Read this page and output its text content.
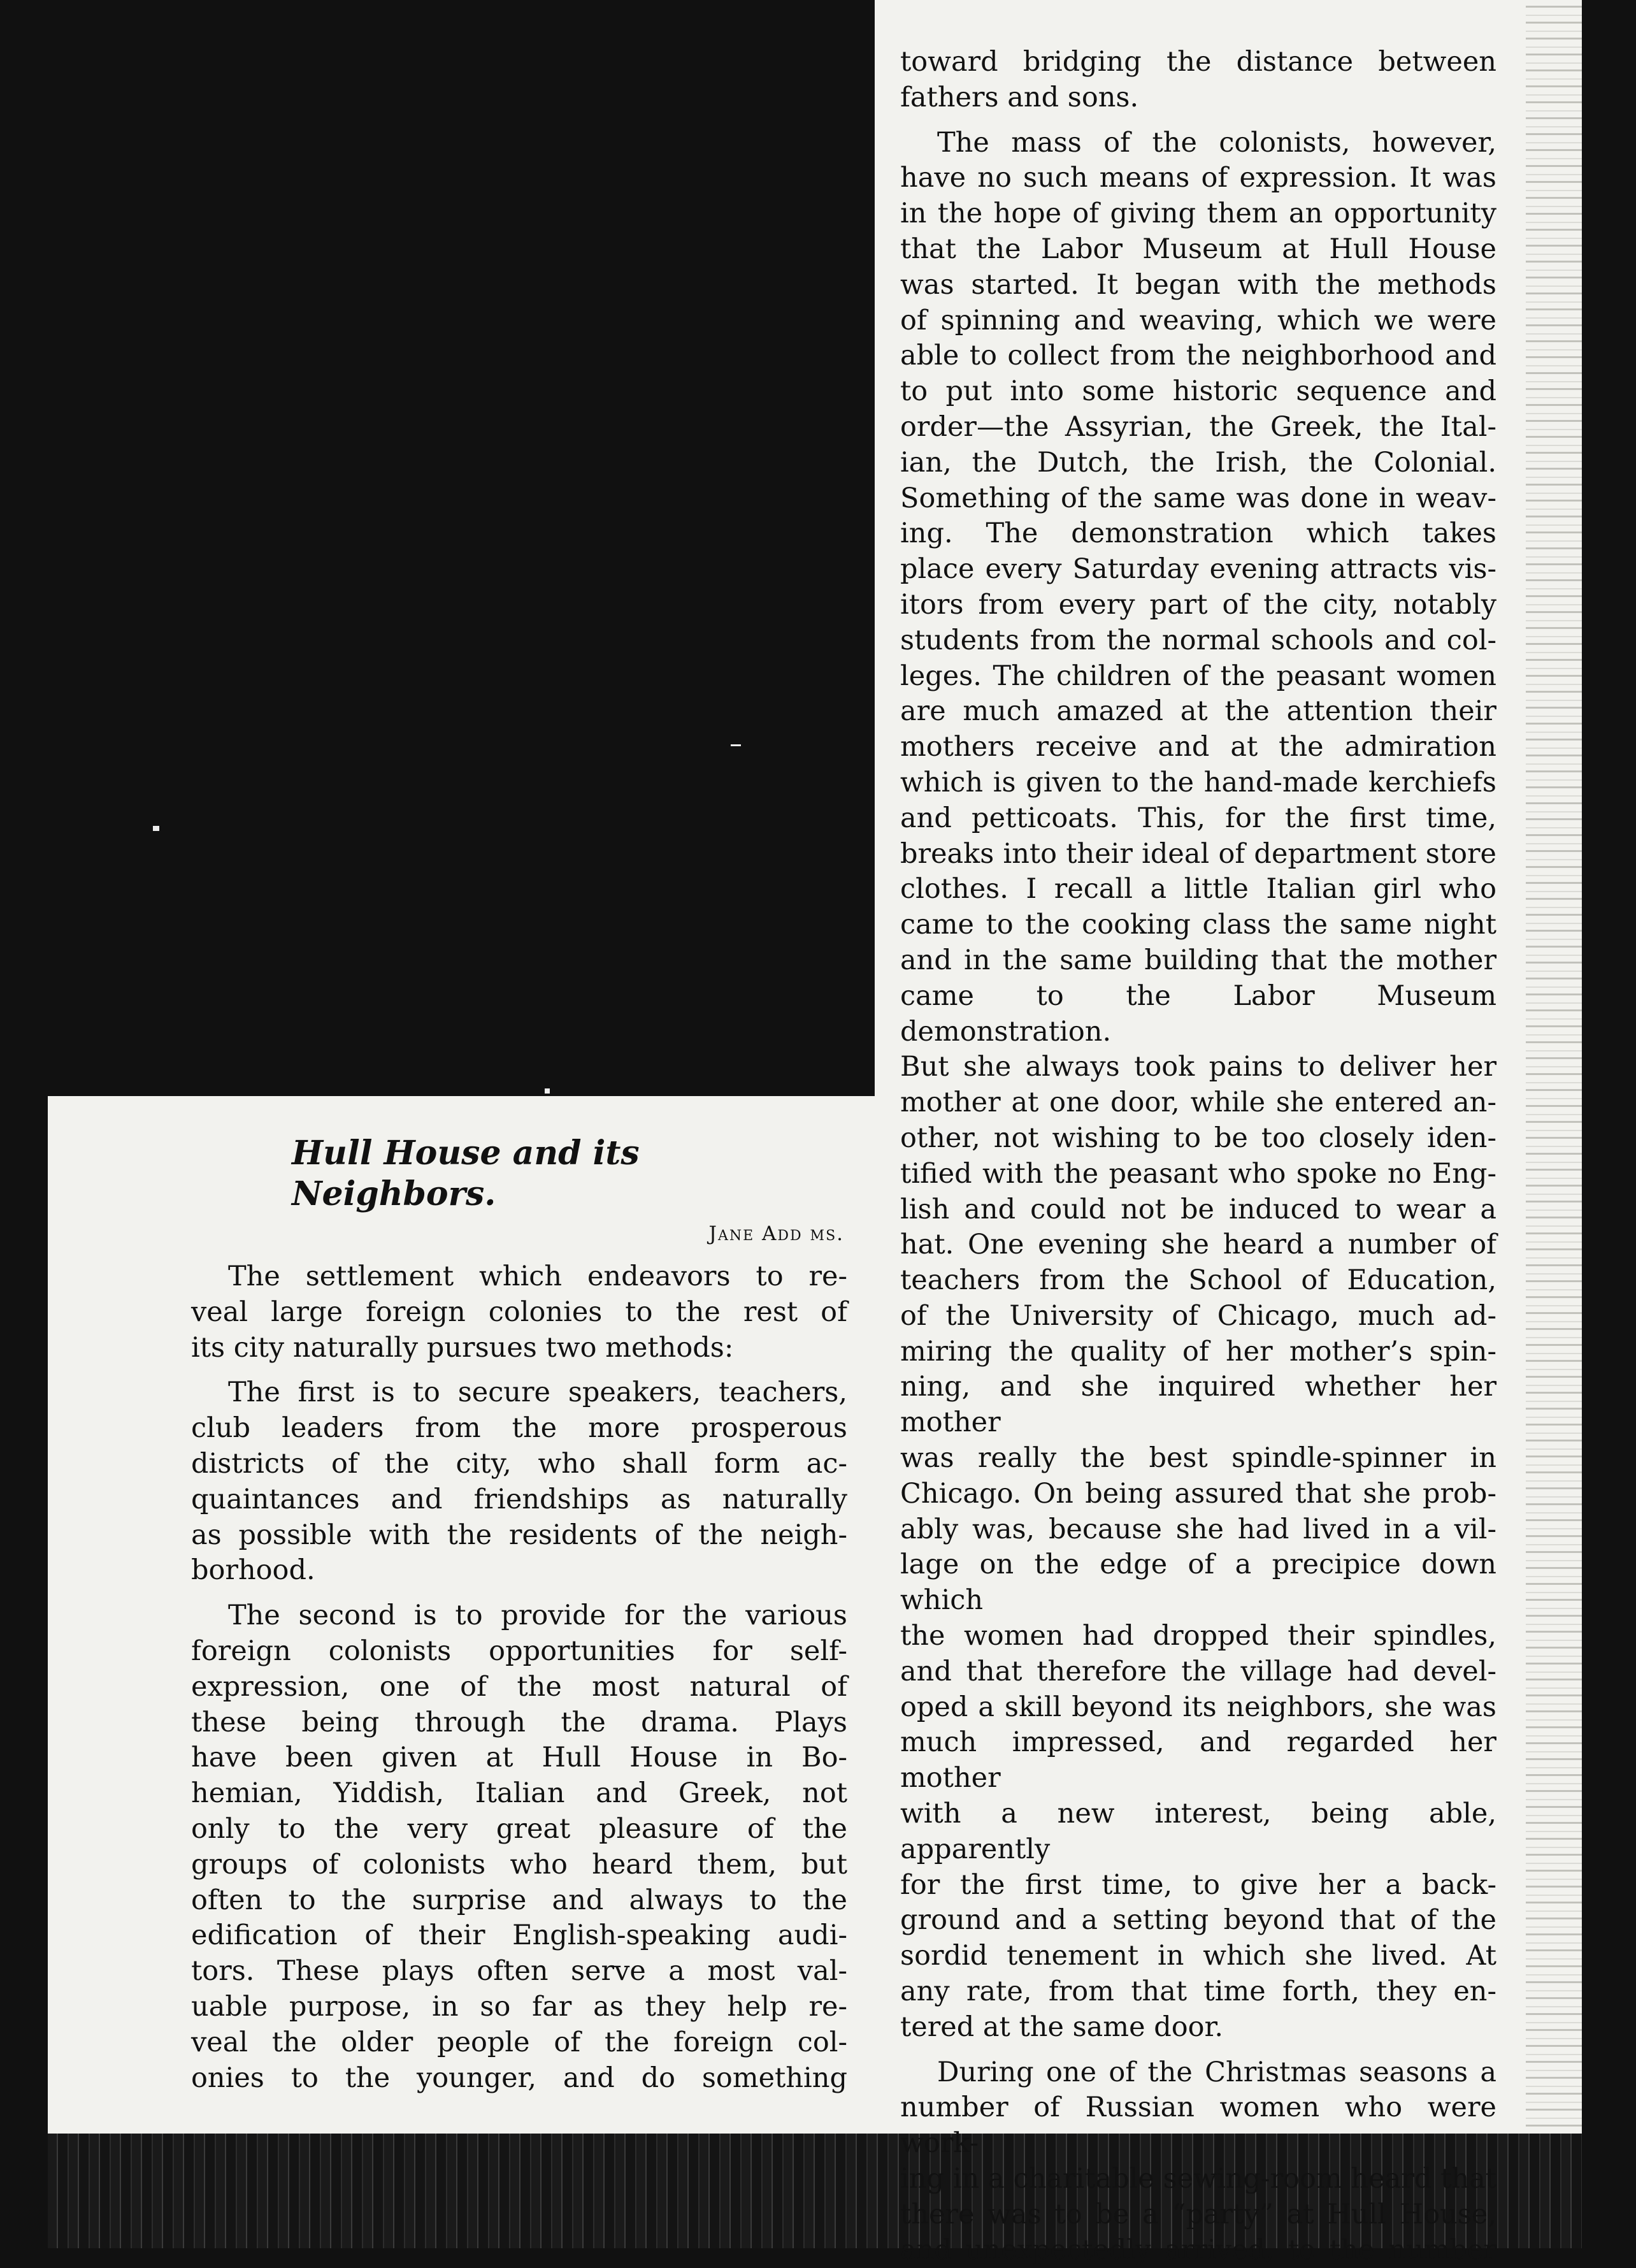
Hull House and its Neighbors.
Jane Add ms.

The settlement which endeavors to re-

veal large foreign colonies to the rest of

its city naturally pursues two methods:

The first is to secure speakers, teachers,

club leaders from the more prosperous

districts of the city, who shall form ac-

quaintances and friendships as naturally

as possible with the residents of the neigh-

borhood.

The second is to provide for the various

foreign colonists opportunities for self-

expression, one of the most natural of

these being through the drama. Plays

have been given at Hull House in Bo-

hemian, Yiddish, Italian and Greek, not

only to the very great pleasure of the

groups of colonists who heard them, but

often to the surprise and always to the

edification of their English-speaking audi-

tors. These plays often serve a most val-

uable purpose, in so far as they help re-

veal the older people of the foreign col-

onies to the younger, and do something

toward bridging the distance between

fathers and sons.

The mass of the colonists, however,

have no such means of expression. It was

in the hope of giving them an opportunity

that the Labor Museum at Hull House

was started. It began with the methods

of spinning and weaving, which we were

able to collect from the neighborhood and

to put into some historic sequence and

order—the Assyrian, the Greek, the Ital-

ian, the Dutch, the Irish, the Colonial.

Something of the same was done in weav-

ing. The demonstration which takes

place every Saturday evening attracts vis-

itors from every part of the city, notably

students from the normal schools and col-

leges. The children of the peasant women

are much amazed at the attention their

mothers receive and at the admiration

which is given to the hand-made kerchiefs

and petticoats. This, for the first time,

breaks into their ideal of department store

clothes. I recall a little Italian girl who

came to the cooking class the same night

and in the same building that the mother

came to the Labor Museum demonstration.

But she always took pains to deliver her

mother at one door, while she entered an-

other, not wishing to be too closely iden-

tified with the peasant who spoke no Eng-

lish and could not be induced to wear a

hat. One evening she heard a number of

teachers from the School of Education,

of the University of Chicago, much ad-

miring the quality of her mother’s spin-

ning, and she inquired whether her mother

was really the best spindle-spinner in

Chicago. On being assured that she prob-

ably was, because she had lived in a vil-

lage on the edge of a precipice down which

the women had dropped their spindles,

and that therefore the village had devel-

oped a skill beyond its neighbors, she was

much impressed, and regarded her mother

with a new interest, being able, apparently

for the first time, to give her a back-

ground and a setting beyond that of the

sordid tenement in which she lived. At

any rate, from that time forth, they en-

tered at the same door.

During one of the Christmas seasons a

number of Russian women who were work-

ing in a charitable sewing-room heard that

there was to be a “party” at Hull House,

and unexpectedly arrived, to the number
